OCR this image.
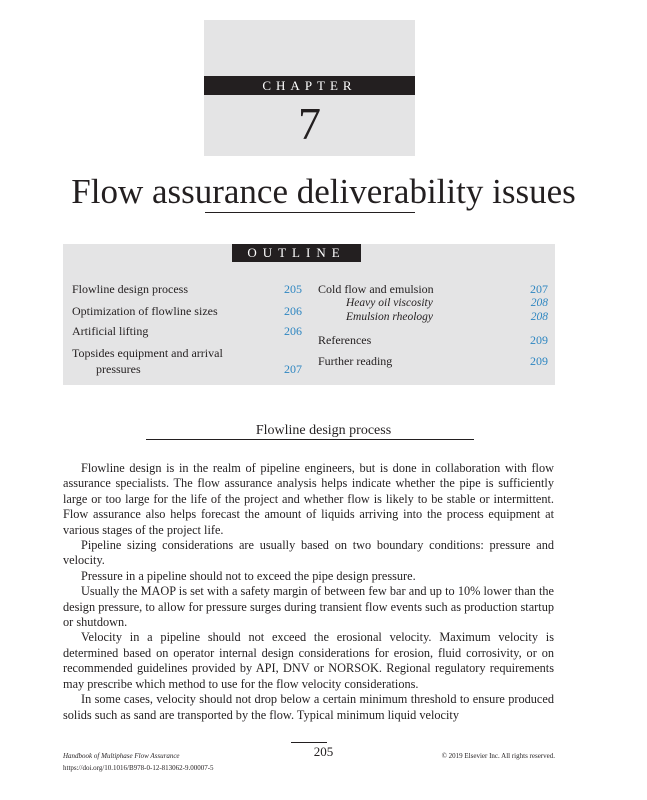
CHAPTER
7
Flow assurance deliverability issues
OUTLINE
Flowline design process	205
Optimization of flowline sizes	206
Artificial lifting	206
Topsides equipment and arrival
pressures	207
Cold flow and emulsion	207
Heavy oil viscosity	208
Emulsion rheology	208
References	209
Further reading	209
Flowline design process

Flowline design is in the realm of pipeline engineers, but is done in collaboration with flow assurance specialists. The flow assurance analysis helps indicate whether the pipe is sufficiently large or too large for the life of the project and whether flow is likely to be stable or intermittent. Flow assurance also helps forecast the amount of liquids arriving into the process equipment at various stages of the project life.

Pipeline sizing considerations are usually based on two boundary conditions: pressure and velocity.

Pressure in a pipeline should not to exceed the pipe design pressure.

Usually the MAOP is set with a safety margin of between few bar and up to 10% lower than the design pressure, to allow for pressure surges during transient flow events such as production startup or shutdown.

Velocity in a pipeline should not exceed the erosional velocity. Maximum velocity is determined based on operator internal design considerations for erosion, fluid corrosivity, or on recommended guidelines provided by API, DNV or NORSOK. Regional regulatory requirements may prescribe which method to use for the flow velocity considerations.

In some cases, velocity should not drop below a certain minimum threshold to ensure produced solids such as sand are transported by the flow. Typical minimum liquid velocity

205
Handbook of Multiphase Flow Assurance
https://doi.org/10.1016/B978-0-12-813062-9.00007-5
© 2019 Elsevier Inc. All rights reserved.
